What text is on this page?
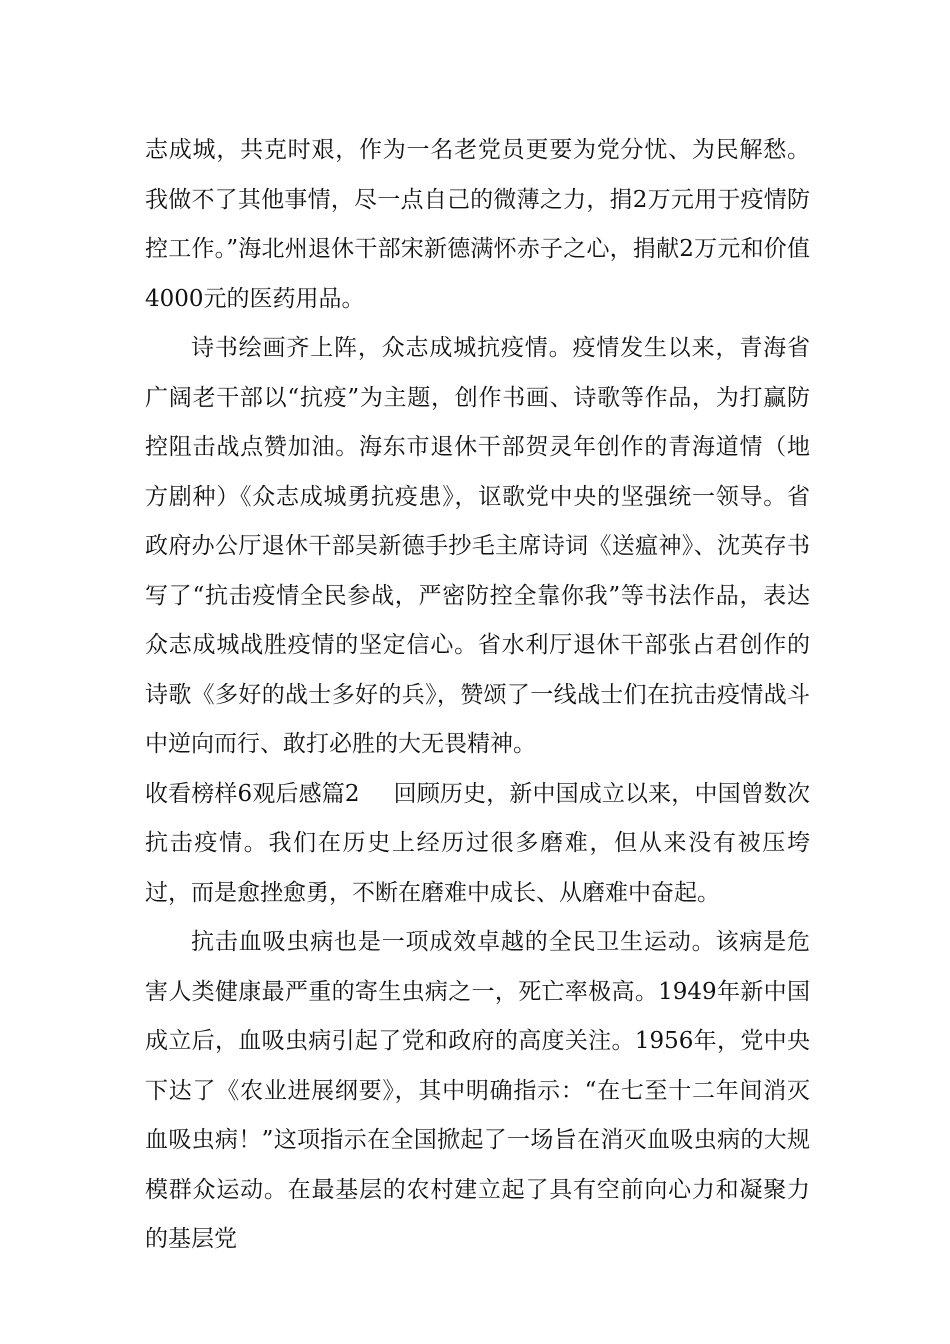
志成城，共克时艰，作为一名老党员更要为党分忧、为民解愁。我做不了其他事情，尽一点自己的微薄之力，捐2万元用于疫情防控工作。”海北州退休干部宋新德满怀赤子之心，捐献2万元和价值4000元的医药用品。

诗书绘画齐上阵，众志成城抗疫情。疫情发生以来，青海省广阔老干部以“抗疫”为主题，创作书画、诗歌等作品，为打赢防控阻击战点赞加油。海东市退休干部贺灵年创作的青海道情（地方剧种）《众志成城勇抗疫患》，讴歌党中央的坚强统一领导。省政府办公厅退休干部吴新德手抄毛主席诗词《送瘟神》、沈英存书写了“抗击疫情全民参战，严密防控全靠你我”等书法作品，表达众志成城战胜疫情的坚定信心。省水利厅退休干部张占君创作的诗歌《多好的战士多好的兵》，赞颂了一线战士们在抗击疫情战斗中逆向而行、敢打必胜的大无畏精神。

收看榜样6观后感篇2 回顾历史，新中国成立以来，中国曾数次抗击疫情。我们在历史上经历过很多磨难，但从来没有被压垮过，而是愈挫愈勇，不断在磨难中成长、从磨难中奋起。

抗击血吸虫病也是一项成效卓越的全民卫生运动。该病是危害人类健康最严重的寄生虫病之一，死亡率极高。1949年新中国成立后，血吸虫病引起了党和政府的高度关注。1956年，党中央下达了《农业进展纲要》，其中明确指示：“在七至十二年间消灭血吸虫病！”这项指示在全国掀起了一场旨在消灭血吸虫病的大规模群众运动。在最基层的农村建立起了具有空前向心力和凝聚力的基层党
